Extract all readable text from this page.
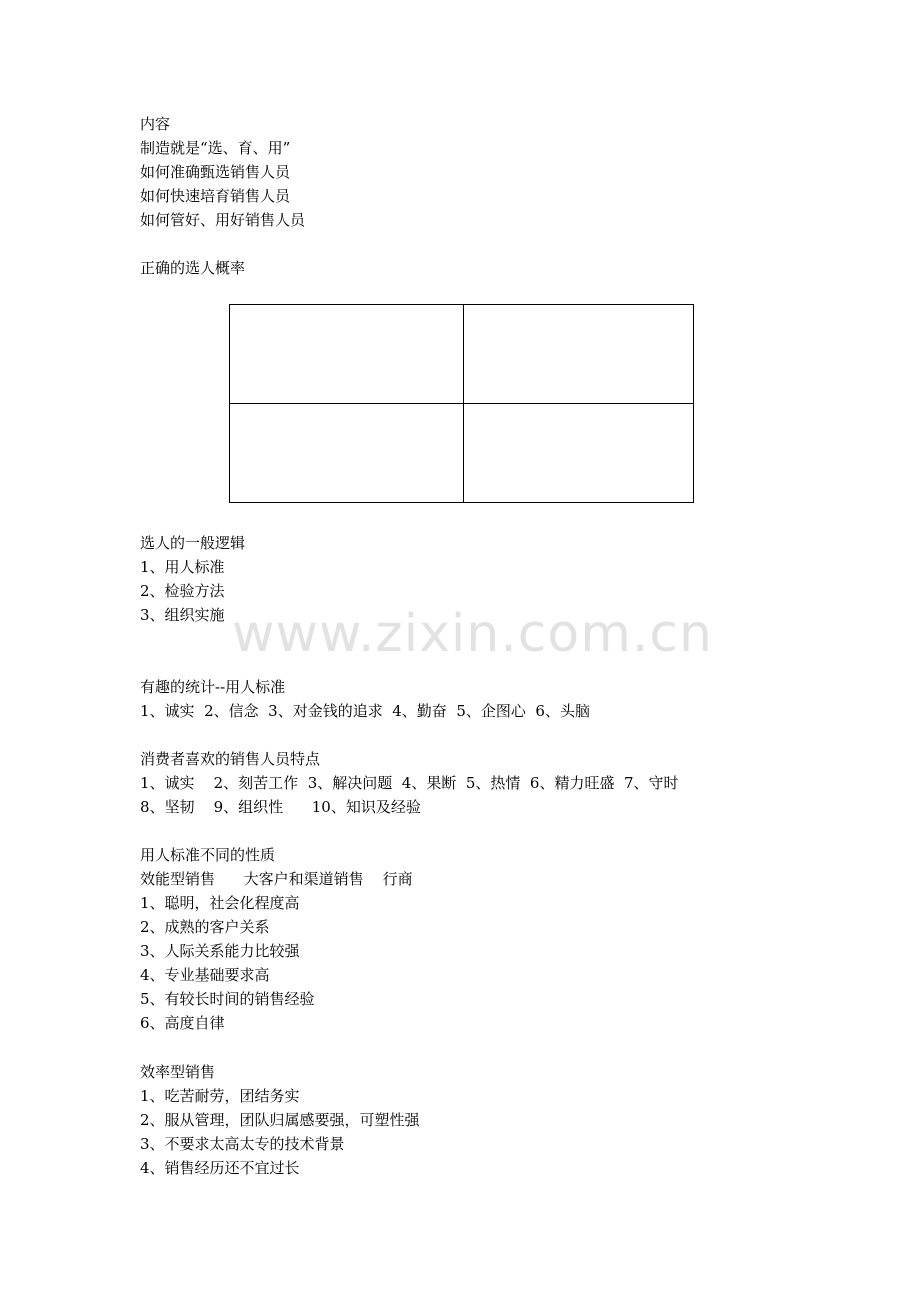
www.zixin.com.cn

内容

制造就是“选、育、用”

如何准确甄选销售人员

如何快速培育销售人员

如何管好、用好销售人员

正确的选人概率

选人的一般逻辑

1、用人标准

2、检验方法

3、组织实施

有趣的统计--用人标准

1、诚实  2、信念  3、对金钱的追求  4、勤奋  5、企图心  6、头脑

消费者喜欢的销售人员特点

1、诚实    2、刻苦工作  3、解决问题  4、果断  5、热情  6、精力旺盛  7、守时

8、坚韧    9、组织性      10、知识及经验

用人标准不同的性质

效能型销售      大客户和渠道销售    行商

1、聪明，社会化程度高

2、成熟的客户关系

3、人际关系能力比较强

4、专业基础要求高

5、有较长时间的销售经验

6、高度自律

效率型销售

1、吃苦耐劳，团结务实

2、服从管理，团队归属感要强，可塑性强

3、不要求太高太专的技术背景

4、销售经历还不宜过长
